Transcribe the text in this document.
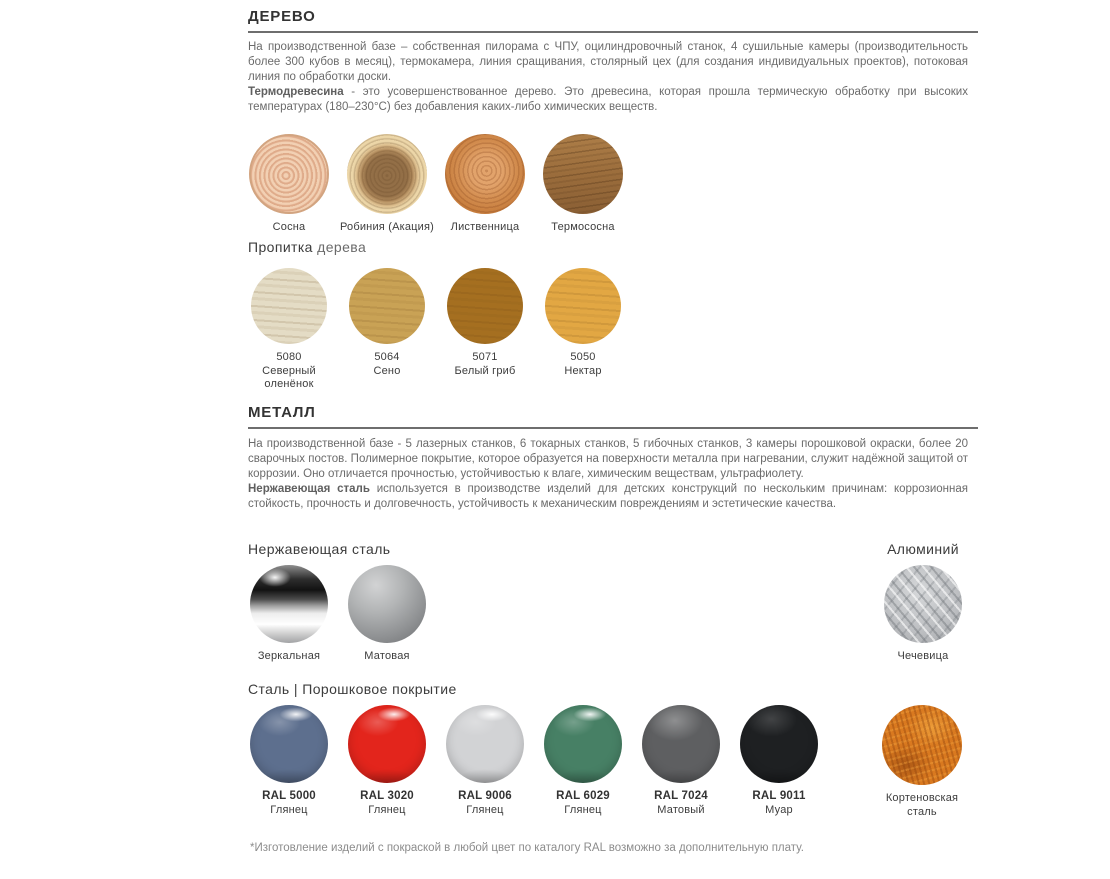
ДЕРЕВО

На производственной базе – собственная пилорама с ЧПУ, оцилиндровочный станок, 4 сушильные камеры (производительность более 300 кубов в месяц), термокамера, линия сращивания, столярный цех (для создания индивидуальных проектов), потоковая линия по обработки доски.

Термодревесина - это усовершенствованное дерево. Это древесина, которая прошла термическую обработку при высоких температурах (180–230°С) без добавления каких-либо химических веществ.

Сосна	Робиния (Акация)	Лиственница	Термососна
Пропитка дерева
5080
Северный оленёнок
5064
Сено
5071
Белый гриб
5050
Нектар
МЕТАЛЛ

На производственной базе - 5 лазерных станков, 6 токарных станков, 5 гибочных станков, 3 камеры порошковой окраски, более 20 сварочных постов. Полимерное покрытие, которое образуется на поверхности металла при нагревании, служит надёжной защитой от коррозии. Оно отличается прочностью, устойчивостью к влаге, химическим веществам, ультрафиолету.

Нержавеющая сталь используется в производстве изделий для детских конструкций по нескольким причинам: коррозионная стойкость, прочность и долговечность, устойчивость к механическим повреждениям и эстетические качества.

Нержавеющая сталь
Зеркальная	Матовая
Алюминий
Чечевица
Сталь | Порошковое покрытие
RAL 5000
Глянец
RAL 3020
Глянец
RAL 9006
Глянец
RAL 6029
Глянец
RAL 7024
Матовый
RAL 9011
Муар
Кортеновская сталь

*Изготовление изделий с покраской в любой цвет по каталогу RAL возможно за дополнительную плату.
